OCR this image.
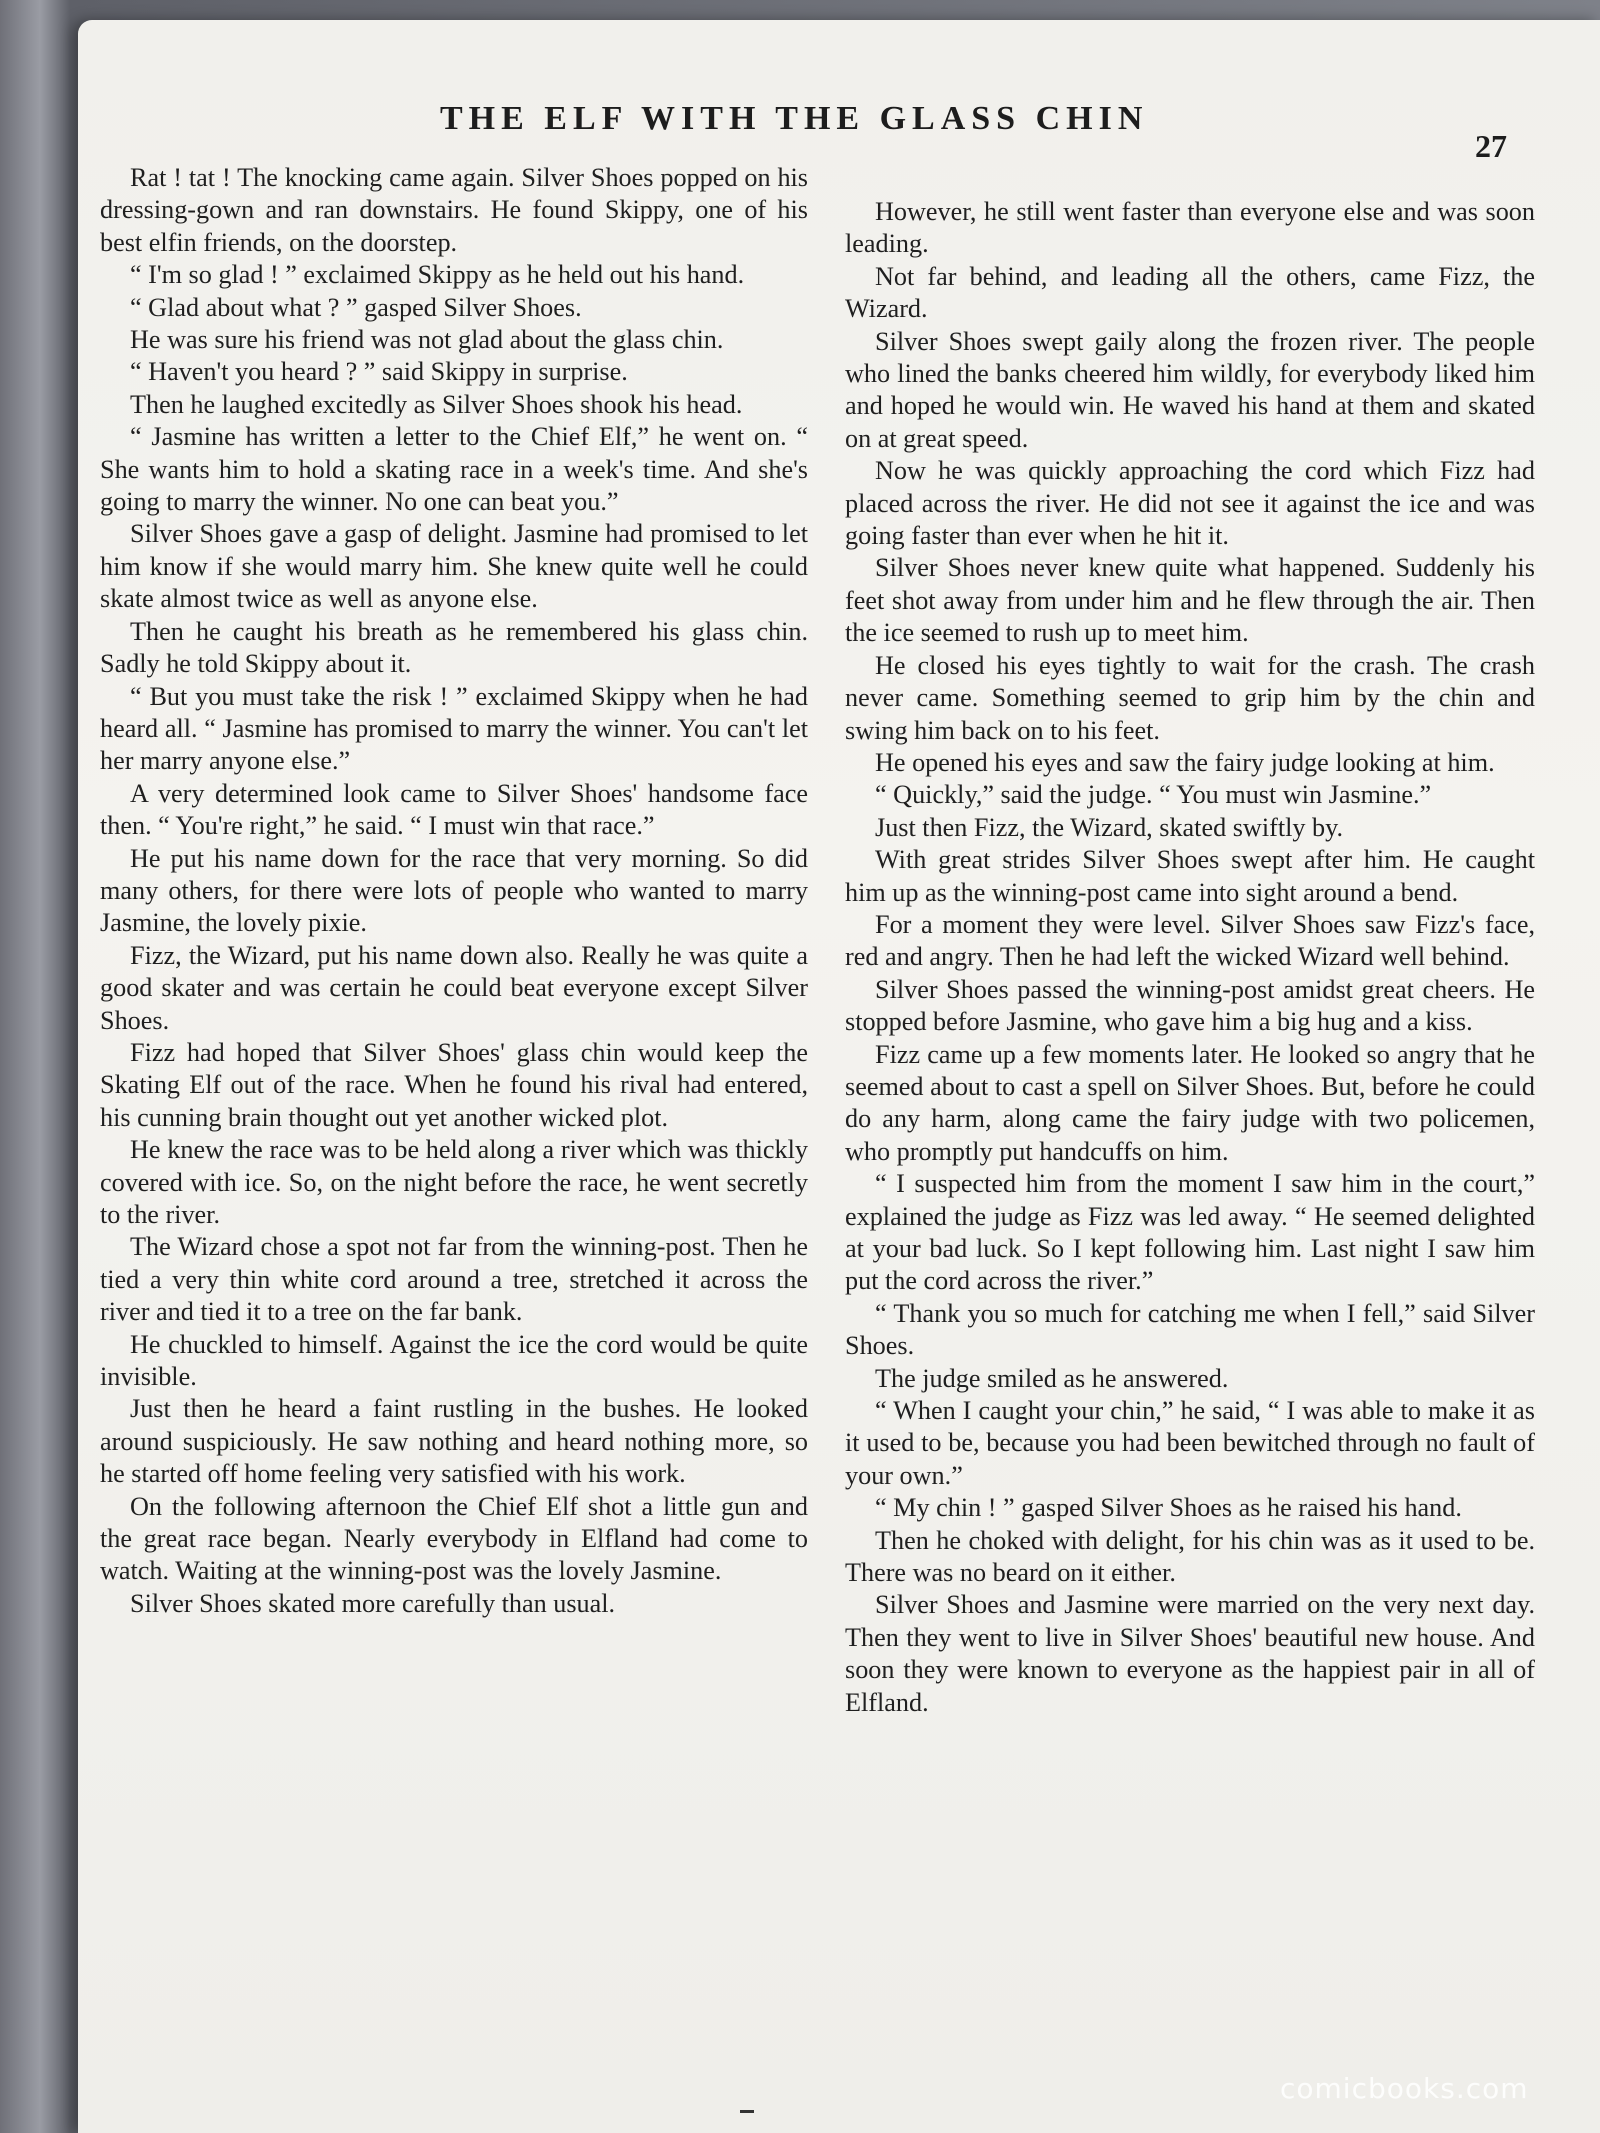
THE ELF WITH THE GLASS CHIN
27

Rat ! tat ! The knocking came again. Silver Shoes popped on his dressing-gown and ran downstairs. He found Skippy, one of his best elfin friends, on the doorstep.

“ I'm so glad ! ” exclaimed Skippy as he held out his hand.

“ Glad about what ? ” gasped Silver Shoes.

He was sure his friend was not glad about the glass chin.

“ Haven't you heard ? ” said Skippy in surprise.

Then he laughed excitedly as Silver Shoes shook his head.

“ Jasmine has written a letter to the Chief Elf,” he went on. “ She wants him to hold a skating race in a week's time. And she's going to marry the winner. No one can beat you.”

Silver Shoes gave a gasp of delight. Jasmine had promised to let him know if she would marry him. She knew quite well he could skate almost twice as well as anyone else.

Then he caught his breath as he remembered his glass chin. Sadly he told Skippy about it.

“ But you must take the risk ! ” exclaimed Skippy when he had heard all. “ Jasmine has promised to marry the winner. You can't let her marry anyone else.”

A very determined look came to Silver Shoes' handsome face then. “ You're right,” he said. “ I must win that race.”

He put his name down for the race that very morning. So did many others, for there were lots of people who wanted to marry Jasmine, the lovely pixie.

Fizz, the Wizard, put his name down also. Really he was quite a good skater and was certain he could beat everyone except Silver Shoes.

Fizz had hoped that Silver Shoes' glass chin would keep the Skating Elf out of the race. When he found his rival had entered, his cunning brain thought out yet another wicked plot.

He knew the race was to be held along a river which was thickly covered with ice. So, on the night before the race, he went secretly to the river.

The Wizard chose a spot not far from the winning-post. Then he tied a very thin white cord around a tree, stretched it across the river and tied it to a tree on the far bank.

He chuckled to himself. Against the ice the cord would be quite invisible.

Just then he heard a faint rustling in the bushes. He looked around suspiciously. He saw nothing and heard nothing more, so he started off home feeling very satisfied with his work.

On the following afternoon the Chief Elf shot a little gun and the great race began. Nearly everybody in Elfland had come to watch. Waiting at the winning-post was the lovely Jasmine.

Silver Shoes skated more carefully than usual.

However, he still went faster than everyone else and was soon leading.

Not far behind, and leading all the others, came Fizz, the Wizard.

Silver Shoes swept gaily along the frozen river. The people who lined the banks cheered him wildly, for everybody liked him and hoped he would win. He waved his hand at them and skated on at great speed.

Now he was quickly approaching the cord which Fizz had placed across the river. He did not see it against the ice and was going faster than ever when he hit it.

Silver Shoes never knew quite what happened. Suddenly his feet shot away from under him and he flew through the air. Then the ice seemed to rush up to meet him.

He closed his eyes tightly to wait for the crash. The crash never came. Something seemed to grip him by the chin and swing him back on to his feet.

He opened his eyes and saw the fairy judge looking at him.

“ Quickly,” said the judge. “ You must win Jasmine.”

Just then Fizz, the Wizard, skated swiftly by.

With great strides Silver Shoes swept after him. He caught him up as the winning-post came into sight around a bend.

For a moment they were level. Silver Shoes saw Fizz's face, red and angry. Then he had left the wicked Wizard well behind.

Silver Shoes passed the winning-post amidst great cheers. He stopped before Jasmine, who gave him a big hug and a kiss.

Fizz came up a few moments later. He looked so angry that he seemed about to cast a spell on Silver Shoes. But, before he could do any harm, along came the fairy judge with two policemen, who promptly put handcuffs on him.

“ I suspected him from the moment I saw him in the court,” explained the judge as Fizz was led away. “ He seemed delighted at your bad luck. So I kept following him. Last night I saw him put the cord across the river.”

“ Thank you so much for catching me when I fell,” said Silver Shoes.

The judge smiled as he answered.

“ When I caught your chin,” he said, “ I was able to make it as it used to be, because you had been bewitched through no fault of your own.”

“ My chin ! ” gasped Silver Shoes as he raised his hand.

Then he choked with delight, for his chin was as it used to be. There was no beard on it either.

Silver Shoes and Jasmine were married on the very next day. Then they went to live in Silver Shoes' beautiful new house. And soon they were known to everyone as the happiest pair in all of Elfland.

comicbooks.com
